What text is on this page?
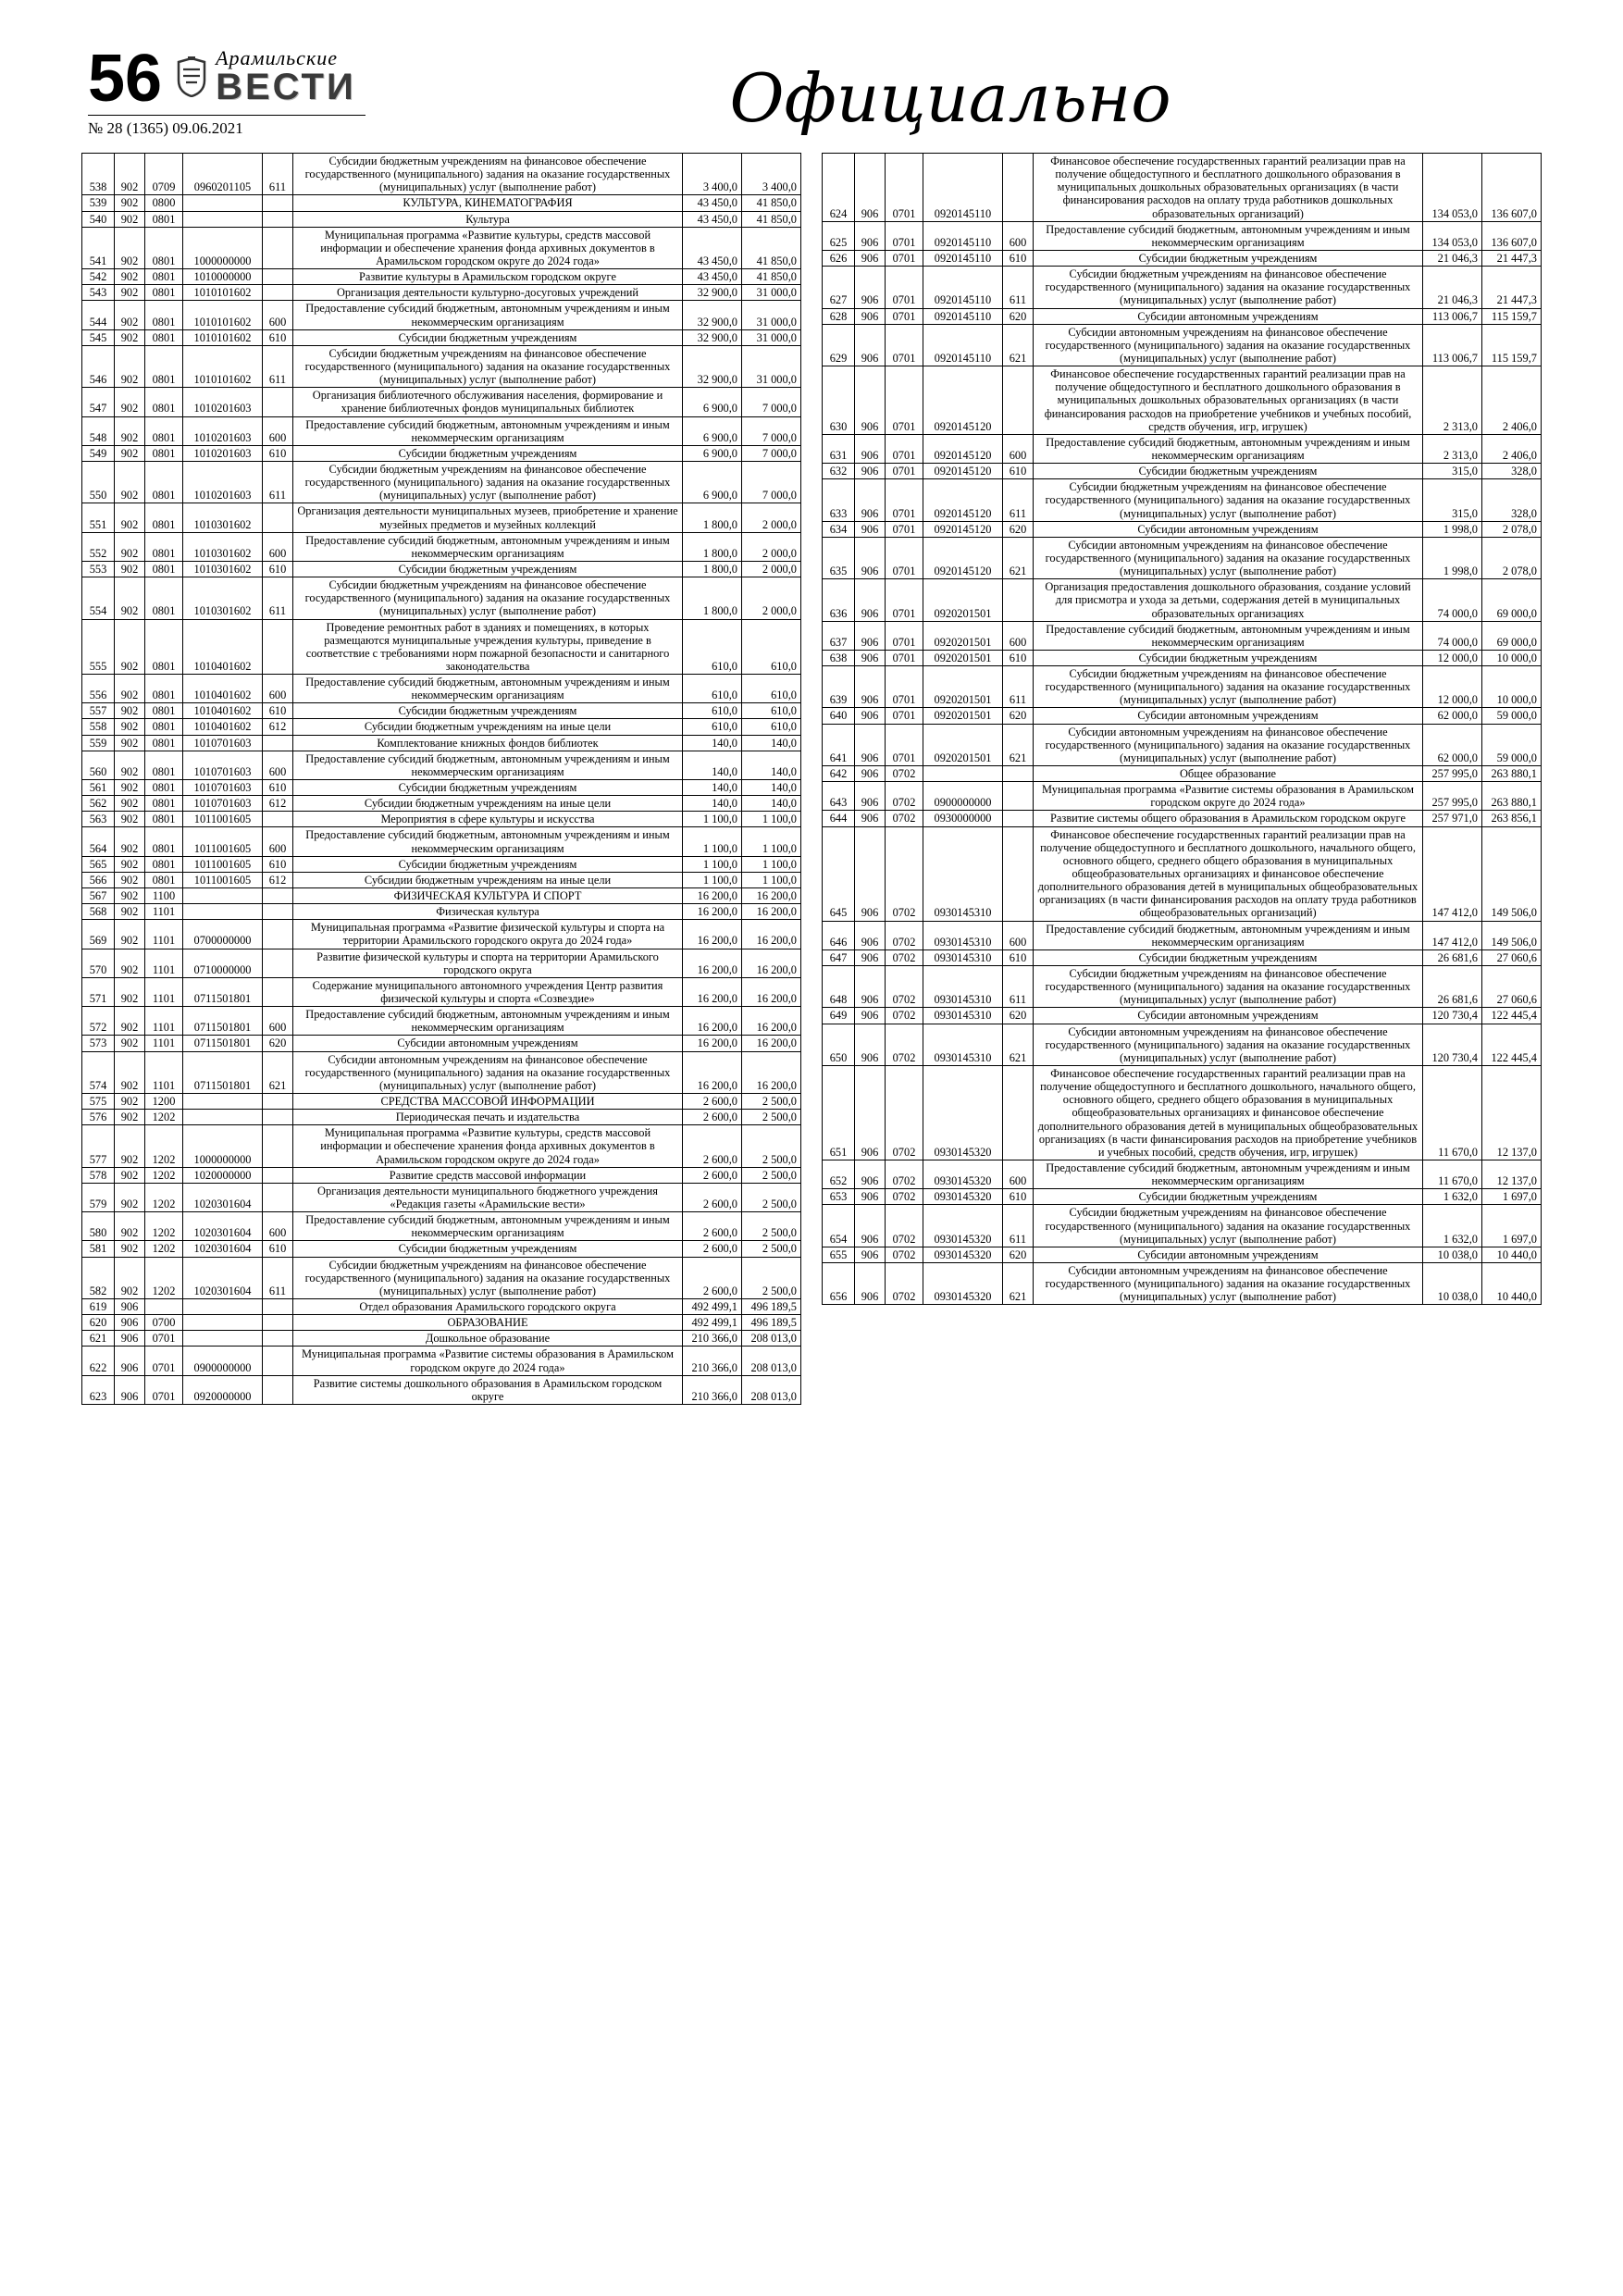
56	Арамильские
ВЕСТИ
№ 28 (1365) 09.06.2021	Официально
538	902	0709	0960201105	611	Субсидии бюджетным учреждениям на финансовое обеспечение государственного (муниципального) задания на оказание государственных (муниципальных) услуг (выполнение работ)	3 400,0	3 400,0
539	902	0800			КУЛЬТУРА, КИНЕМАТОГРАФИЯ	43 450,0	41 850,0
540	902	0801			Культура	43 450,0	41 850,0
541	902	0801	1000000000		Муниципальная программа «Развитие культуры, средств массовой информации и обеспечение хранения фонда архивных документов в Арамильском городском округе до 2024 года»	43 450,0	41 850,0
542	902	0801	1010000000		Развитие культуры в Арамильском городском округе	43 450,0	41 850,0
543	902	0801	1010101602		Организация деятельности культурно-досуговых учреждений	32 900,0	31 000,0
544	902	0801	1010101602	600	Предоставление субсидий бюджетным, автономным учреждениям и иным некоммерческим организациям	32 900,0	31 000,0
545	902	0801	1010101602	610	Субсидии бюджетным учреждениям	32 900,0	31 000,0
546	902	0801	1010101602	611	Субсидии бюджетным учреждениям на финансовое обеспечение государственного (муниципального) задания на оказание государственных (муниципальных) услуг (выполнение работ)	32 900,0	31 000,0
547	902	0801	1010201603		Организация библиотечного обслуживания населения, формирование и хранение библиотечных фондов муниципальных библиотек	6 900,0	7 000,0
548	902	0801	1010201603	600	Предоставление субсидий бюджетным, автономным учреждениям и иным некоммерческим организациям	6 900,0	7 000,0
549	902	0801	1010201603	610	Субсидии бюджетным учреждениям	6 900,0	7 000,0
550	902	0801	1010201603	611	Субсидии бюджетным учреждениям на финансовое обеспечение государственного (муниципального) задания на оказание государственных (муниципальных) услуг (выполнение работ)	6 900,0	7 000,0
551	902	0801	1010301602		Организация деятельности муниципальных музеев, приобретение и хранение музейных предметов и музейных коллекций	1 800,0	2 000,0
552	902	0801	1010301602	600	Предоставление субсидий бюджетным, автономным учреждениям и иным некоммерческим организациям	1 800,0	2 000,0
553	902	0801	1010301602	610	Субсидии бюджетным учреждениям	1 800,0	2 000,0
554	902	0801	1010301602	611	Субсидии бюджетным учреждениям на финансовое обеспечение государственного (муниципального) задания на оказание государственных (муниципальных) услуг (выполнение работ)	1 800,0	2 000,0
555	902	0801	1010401602		Проведение ремонтных работ в зданиях и помещениях, в которых размещаются муниципальные учреждения культуры, приведение в соответствие с требованиями норм пожарной безопасности и санитарного законодательства	610,0	610,0
556	902	0801	1010401602	600	Предоставление субсидий бюджетным, автономным учреждениям и иным некоммерческим организациям	610,0	610,0
557	902	0801	1010401602	610	Субсидии бюджетным учреждениям	610,0	610,0
558	902	0801	1010401602	612	Субсидии бюджетным учреждениям на иные цели	610,0	610,0
559	902	0801	1010701603		Комплектование книжных фондов библиотек	140,0	140,0
560	902	0801	1010701603	600	Предоставление субсидий бюджетным, автономным учреждениям и иным некоммерческим организациям	140,0	140,0
561	902	0801	1010701603	610	Субсидии бюджетным учреждениям	140,0	140,0
562	902	0801	1010701603	612	Субсидии бюджетным учреждениям на иные цели	140,0	140,0
563	902	0801	1011001605		Мероприятия в сфере культуры и искусства	1 100,0	1 100,0
564	902	0801	1011001605	600	Предоставление субсидий бюджетным, автономным учреждениям и иным некоммерческим организациям	1 100,0	1 100,0
565	902	0801	1011001605	610	Субсидии бюджетным учреждениям	1 100,0	1 100,0
566	902	0801	1011001605	612	Субсидии бюджетным учреждениям на иные цели	1 100,0	1 100,0
567	902	1100			ФИЗИЧЕСКАЯ КУЛЬТУРА И СПОРТ	16 200,0	16 200,0
568	902	1101			Физическая культура	16 200,0	16 200,0
569	902	1101	0700000000		Муниципальная программа «Развитие физической культуры и спорта на территории Арамильского городского округа до 2024 года»	16 200,0	16 200,0
570	902	1101	0710000000		Развитие физической культуры и спорта на территории Арамильского городского округа	16 200,0	16 200,0
571	902	1101	0711501801		Содержание муниципального автономного учреждения Центр развития физической культуры и спорта «Созвездие»	16 200,0	16 200,0
572	902	1101	0711501801	600	Предоставление субсидий бюджетным, автономным учреждениям и иным некоммерческим организациям	16 200,0	16 200,0
573	902	1101	0711501801	620	Субсидии автономным учреждениям	16 200,0	16 200,0
574	902	1101	0711501801	621	Субсидии автономным учреждениям на финансовое обеспечение государственного (муниципального) задания на оказание государственных (муниципальных) услуг (выполнение работ)	16 200,0	16 200,0
575	902	1200			СРЕДСТВА МАССОВОЙ ИНФОРМАЦИИ	2 600,0	2 500,0
576	902	1202			Периодическая печать и издательства	2 600,0	2 500,0
577	902	1202	1000000000		Муниципальная программа «Развитие культуры, средств массовой информации и обеспечение хранения фонда архивных документов в Арамильском городском округе до 2024 года»	2 600,0	2 500,0
578	902	1202	1020000000		Развитие средств массовой информации	2 600,0	2 500,0
579	902	1202	1020301604		Организация деятельности муниципального бюджетного учреждения «Редакция газеты «Арамильские вести»	2 600,0	2 500,0
580	902	1202	1020301604	600	Предоставление субсидий бюджетным, автономным учреждениям и иным некоммерческим организациям	2 600,0	2 500,0
581	902	1202	1020301604	610	Субсидии бюджетным учреждениям	2 600,0	2 500,0
582	902	1202	1020301604	611	Субсидии бюджетным учреждениям на финансовое обеспечение государственного (муниципального) задания на оказание государственных (муниципальных) услуг (выполнение работ)	2 600,0	2 500,0
619	906				Отдел образования Арамильского городского округа	492 499,1	496 189,5
620	906	0700			ОБРАЗОВАНИЕ	492 499,1	496 189,5
621	906	0701			Дошкольное образование	210 366,0	208 013,0
622	906	0701	0900000000		Муниципальная программа «Развитие системы образования в Арамильском городском округе до 2024 года»	210 366,0	208 013,0
623	906	0701	0920000000		Развитие системы дошкольного образования в Арамильском городском округе	210 366,0	208 013,0
624	906	0701	0920145110		Финансовое обеспечение государственных гарантий реализации прав на получение общедоступного и бесплатного дошкольного образования в муниципальных дошкольных образовательных организациях (в части финансирования расходов на оплату труда работников дошкольных образовательных организаций)	134 053,0	136 607,0
625	906	0701	0920145110	600	Предоставление субсидий бюджетным, автономным учреждениям и иным некоммерческим организациям	134 053,0	136 607,0
626	906	0701	0920145110	610	Субсидии бюджетным учреждениям	21 046,3	21 447,3
627	906	0701	0920145110	611	Субсидии бюджетным учреждениям на финансовое обеспечение государственного (муниципального) задания на оказание государственных (муниципальных) услуг (выполнение работ)	21 046,3	21 447,3
628	906	0701	0920145110	620	Субсидии автономным учреждениям	113 006,7	115 159,7
629	906	0701	0920145110	621	Субсидии автономным учреждениям на финансовое обеспечение государственного (муниципального) задания на оказание государственных (муниципальных) услуг (выполнение работ)	113 006,7	115 159,7
630	906	0701	0920145120		Финансовое обеспечение государственных гарантий реализации прав на получение общедоступного и бесплатного дошкольного образования в муниципальных дошкольных образовательных организациях (в части финансирования расходов на приобретение учебников и учебных пособий, средств обучения, игр, игрушек)	2 313,0	2 406,0
631	906	0701	0920145120	600	Предоставление субсидий бюджетным, автономным учреждениям и иным некоммерческим организациям	2 313,0	2 406,0
632	906	0701	0920145120	610	Субсидии бюджетным учреждениям	315,0	328,0
633	906	0701	0920145120	611	Субсидии бюджетным учреждениям на финансовое обеспечение государственного (муниципального) задания на оказание государственных (муниципальных) услуг (выполнение работ)	315,0	328,0
634	906	0701	0920145120	620	Субсидии автономным учреждениям	1 998,0	2 078,0
635	906	0701	0920145120	621	Субсидии автономным учреждениям на финансовое обеспечение государственного (муниципального) задания на оказание государственных (муниципальных) услуг (выполнение работ)	1 998,0	2 078,0
636	906	0701	0920201501		Организация предоставления дошкольного образования, создание условий для присмотра и ухода за детьми, содержания детей в муниципальных образовательных организациях	74 000,0	69 000,0
637	906	0701	0920201501	600	Предоставление субсидий бюджетным, автономным учреждениям и иным некоммерческим организациям	74 000,0	69 000,0
638	906	0701	0920201501	610	Субсидии бюджетным учреждениям	12 000,0	10 000,0
639	906	0701	0920201501	611	Субсидии бюджетным учреждениям на финансовое обеспечение государственного (муниципального) задания на оказание государственных (муниципальных) услуг (выполнение работ)	12 000,0	10 000,0
640	906	0701	0920201501	620	Субсидии автономным учреждениям	62 000,0	59 000,0
641	906	0701	0920201501	621	Субсидии автономным учреждениям на финансовое обеспечение государственного (муниципального) задания на оказание государственных (муниципальных) услуг (выполнение работ)	62 000,0	59 000,0
642	906	0702			Общее образование	257 995,0	263 880,1
643	906	0702	0900000000		Муниципальная программа «Развитие системы образования в Арамильском городском округе до 2024 года»	257 995,0	263 880,1
644	906	0702	0930000000		Развитие системы общего образования в Арамильском городском округе	257 971,0	263 856,1
645	906	0702	0930145310		Финансовое обеспечение государственных гарантий реализации прав на получение общедоступного и бесплатного дошкольного, начального общего, основного общего, среднего общего образования в муниципальных общеобразовательных организациях и финансовое обеспечение дополнительного образования детей в муниципальных общеобразовательных организациях (в части финансирования расходов на оплату труда работников общеобразовательных организаций)	147 412,0	149 506,0
646	906	0702	0930145310	600	Предоставление субсидий бюджетным, автономным учреждениям и иным некоммерческим организациям	147 412,0	149 506,0
647	906	0702	0930145310	610	Субсидии бюджетным учреждениям	26 681,6	27 060,6
648	906	0702	0930145310	611	Субсидии бюджетным учреждениям на финансовое обеспечение государственного (муниципального) задания на оказание государственных (муниципальных) услуг (выполнение работ)	26 681,6	27 060,6
649	906	0702	0930145310	620	Субсидии автономным учреждениям	120 730,4	122 445,4
650	906	0702	0930145310	621	Субсидии автономным учреждениям на финансовое обеспечение государственного (муниципального) задания на оказание государственных (муниципальных) услуг (выполнение работ)	120 730,4	122 445,4
651	906	0702	0930145320		Финансовое обеспечение государственных гарантий реализации прав на получение общедоступного и бесплатного дошкольного, начального общего, основного общего, среднего общего образования в муниципальных общеобразовательных организациях и финансовое обеспечение дополнительного образования детей в муниципальных общеобразовательных организациях (в части финансирования расходов на приобретение учебников и учебных пособий, средств обучения, игр, игрушек)	11 670,0	12 137,0
652	906	0702	0930145320	600	Предоставление субсидий бюджетным, автономным учреждениям и иным некоммерческим организациям	11 670,0	12 137,0
653	906	0702	0930145320	610	Субсидии бюджетным учреждениям	1 632,0	1 697,0
654	906	0702	0930145320	611	Субсидии бюджетным учреждениям на финансовое обеспечение государственного (муниципального) задания на оказание государственных (муниципальных) услуг (выполнение работ)	1 632,0	1 697,0
655	906	0702	0930145320	620	Субсидии автономным учреждениям	10 038,0	10 440,0
656	906	0702	0930145320	621	Субсидии автономным учреждениям на финансовое обеспечение государственного (муниципального) задания на оказание государственных (муниципальных) услуг (выполнение работ)	10 038,0	10 440,0
